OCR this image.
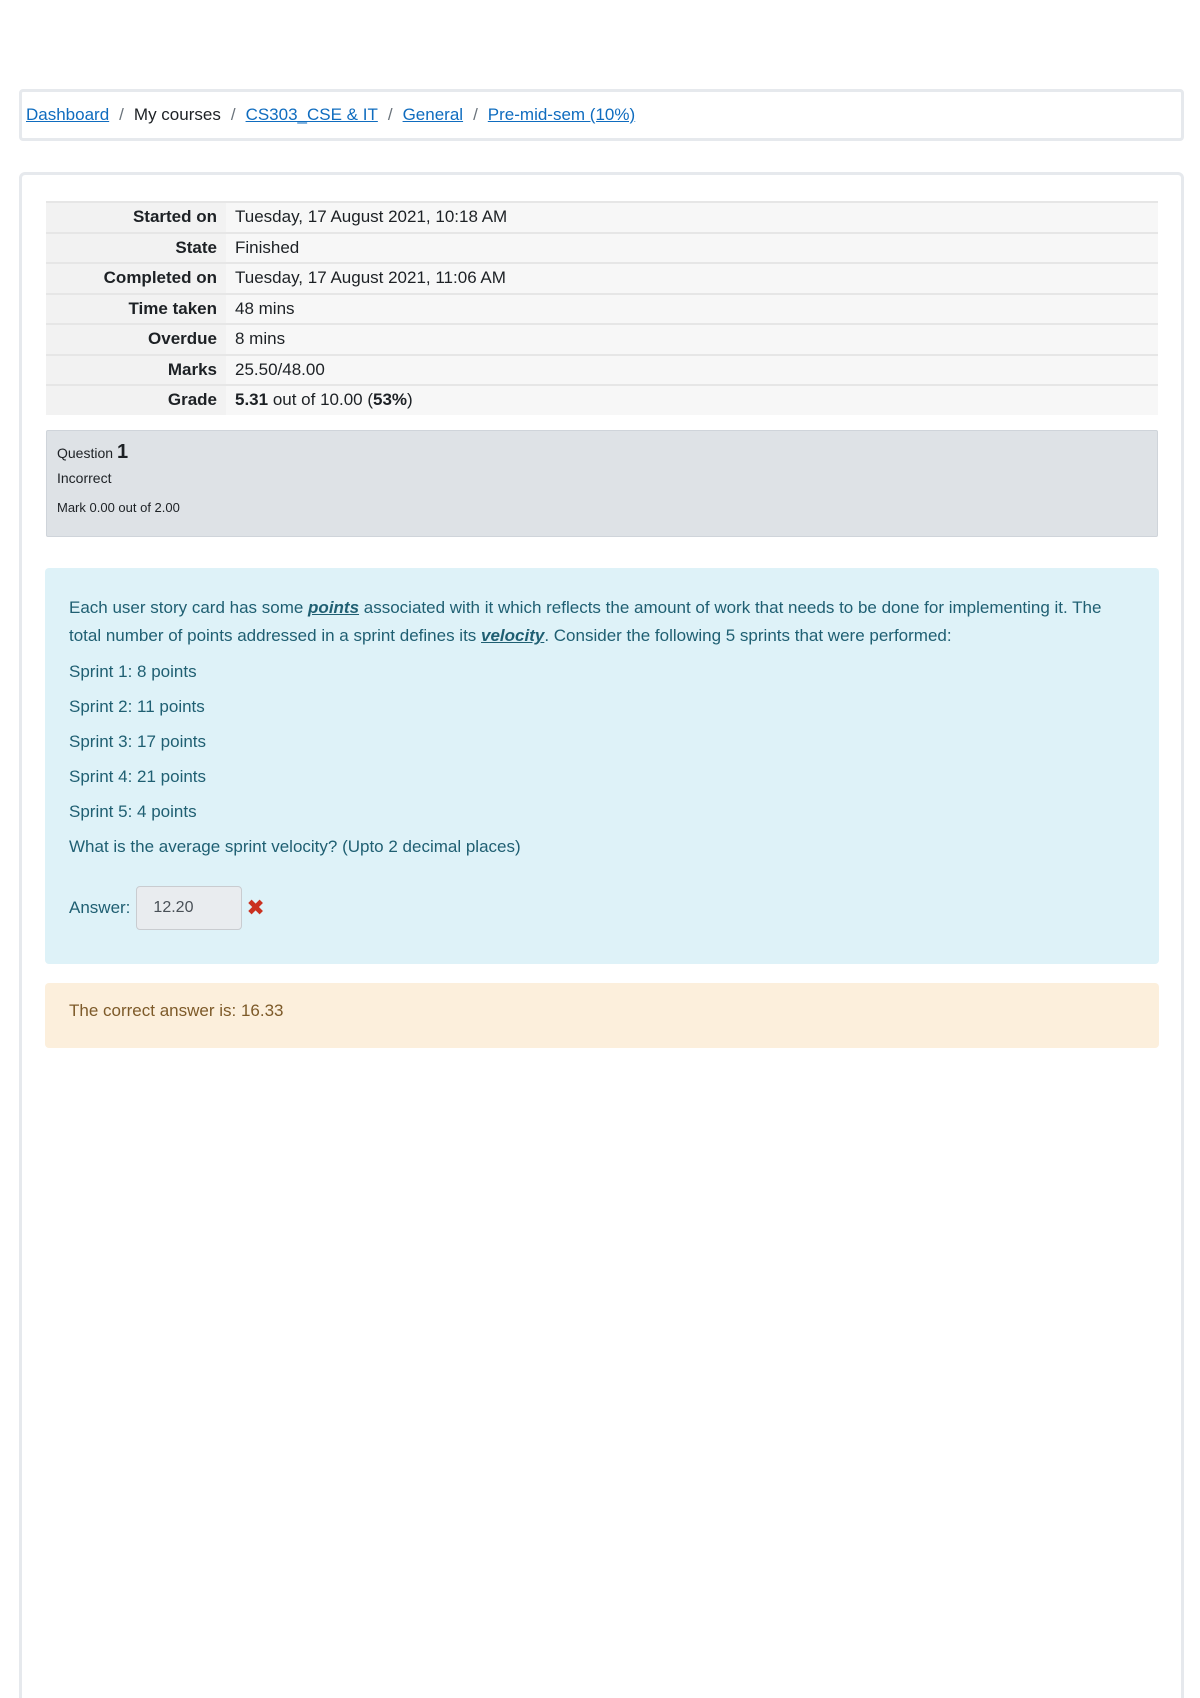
Dashboard / My courses / CS303_CSE & IT / General / Pre-mid-sem (10%)
Started on	Tuesday, 17 August 2021, 10:18 AM
State	Finished
Completed on	Tuesday, 17 August 2021, 11:06 AM
Time taken	48 mins
Overdue	8 mins
Marks	25.50/48.00
Grade	5.31 out of 10.00 (53%)
Question 1
Incorrect
Mark 0.00 out of 2.00

Each user story card has some points associated with it which reflects the amount of work that needs to be done for implementing it. The total number of points addressed in a sprint defines its velocity. Consider the following 5 sprints that were performed:

Sprint 1: 8 points

Sprint 2: 11 points

Sprint 3: 17 points

Sprint 4: 21 points

Sprint 5: 4 points

What is the average sprint velocity? (Upto 2 decimal places)

Answer:	12.20	✖
The correct answer is: 16.33
